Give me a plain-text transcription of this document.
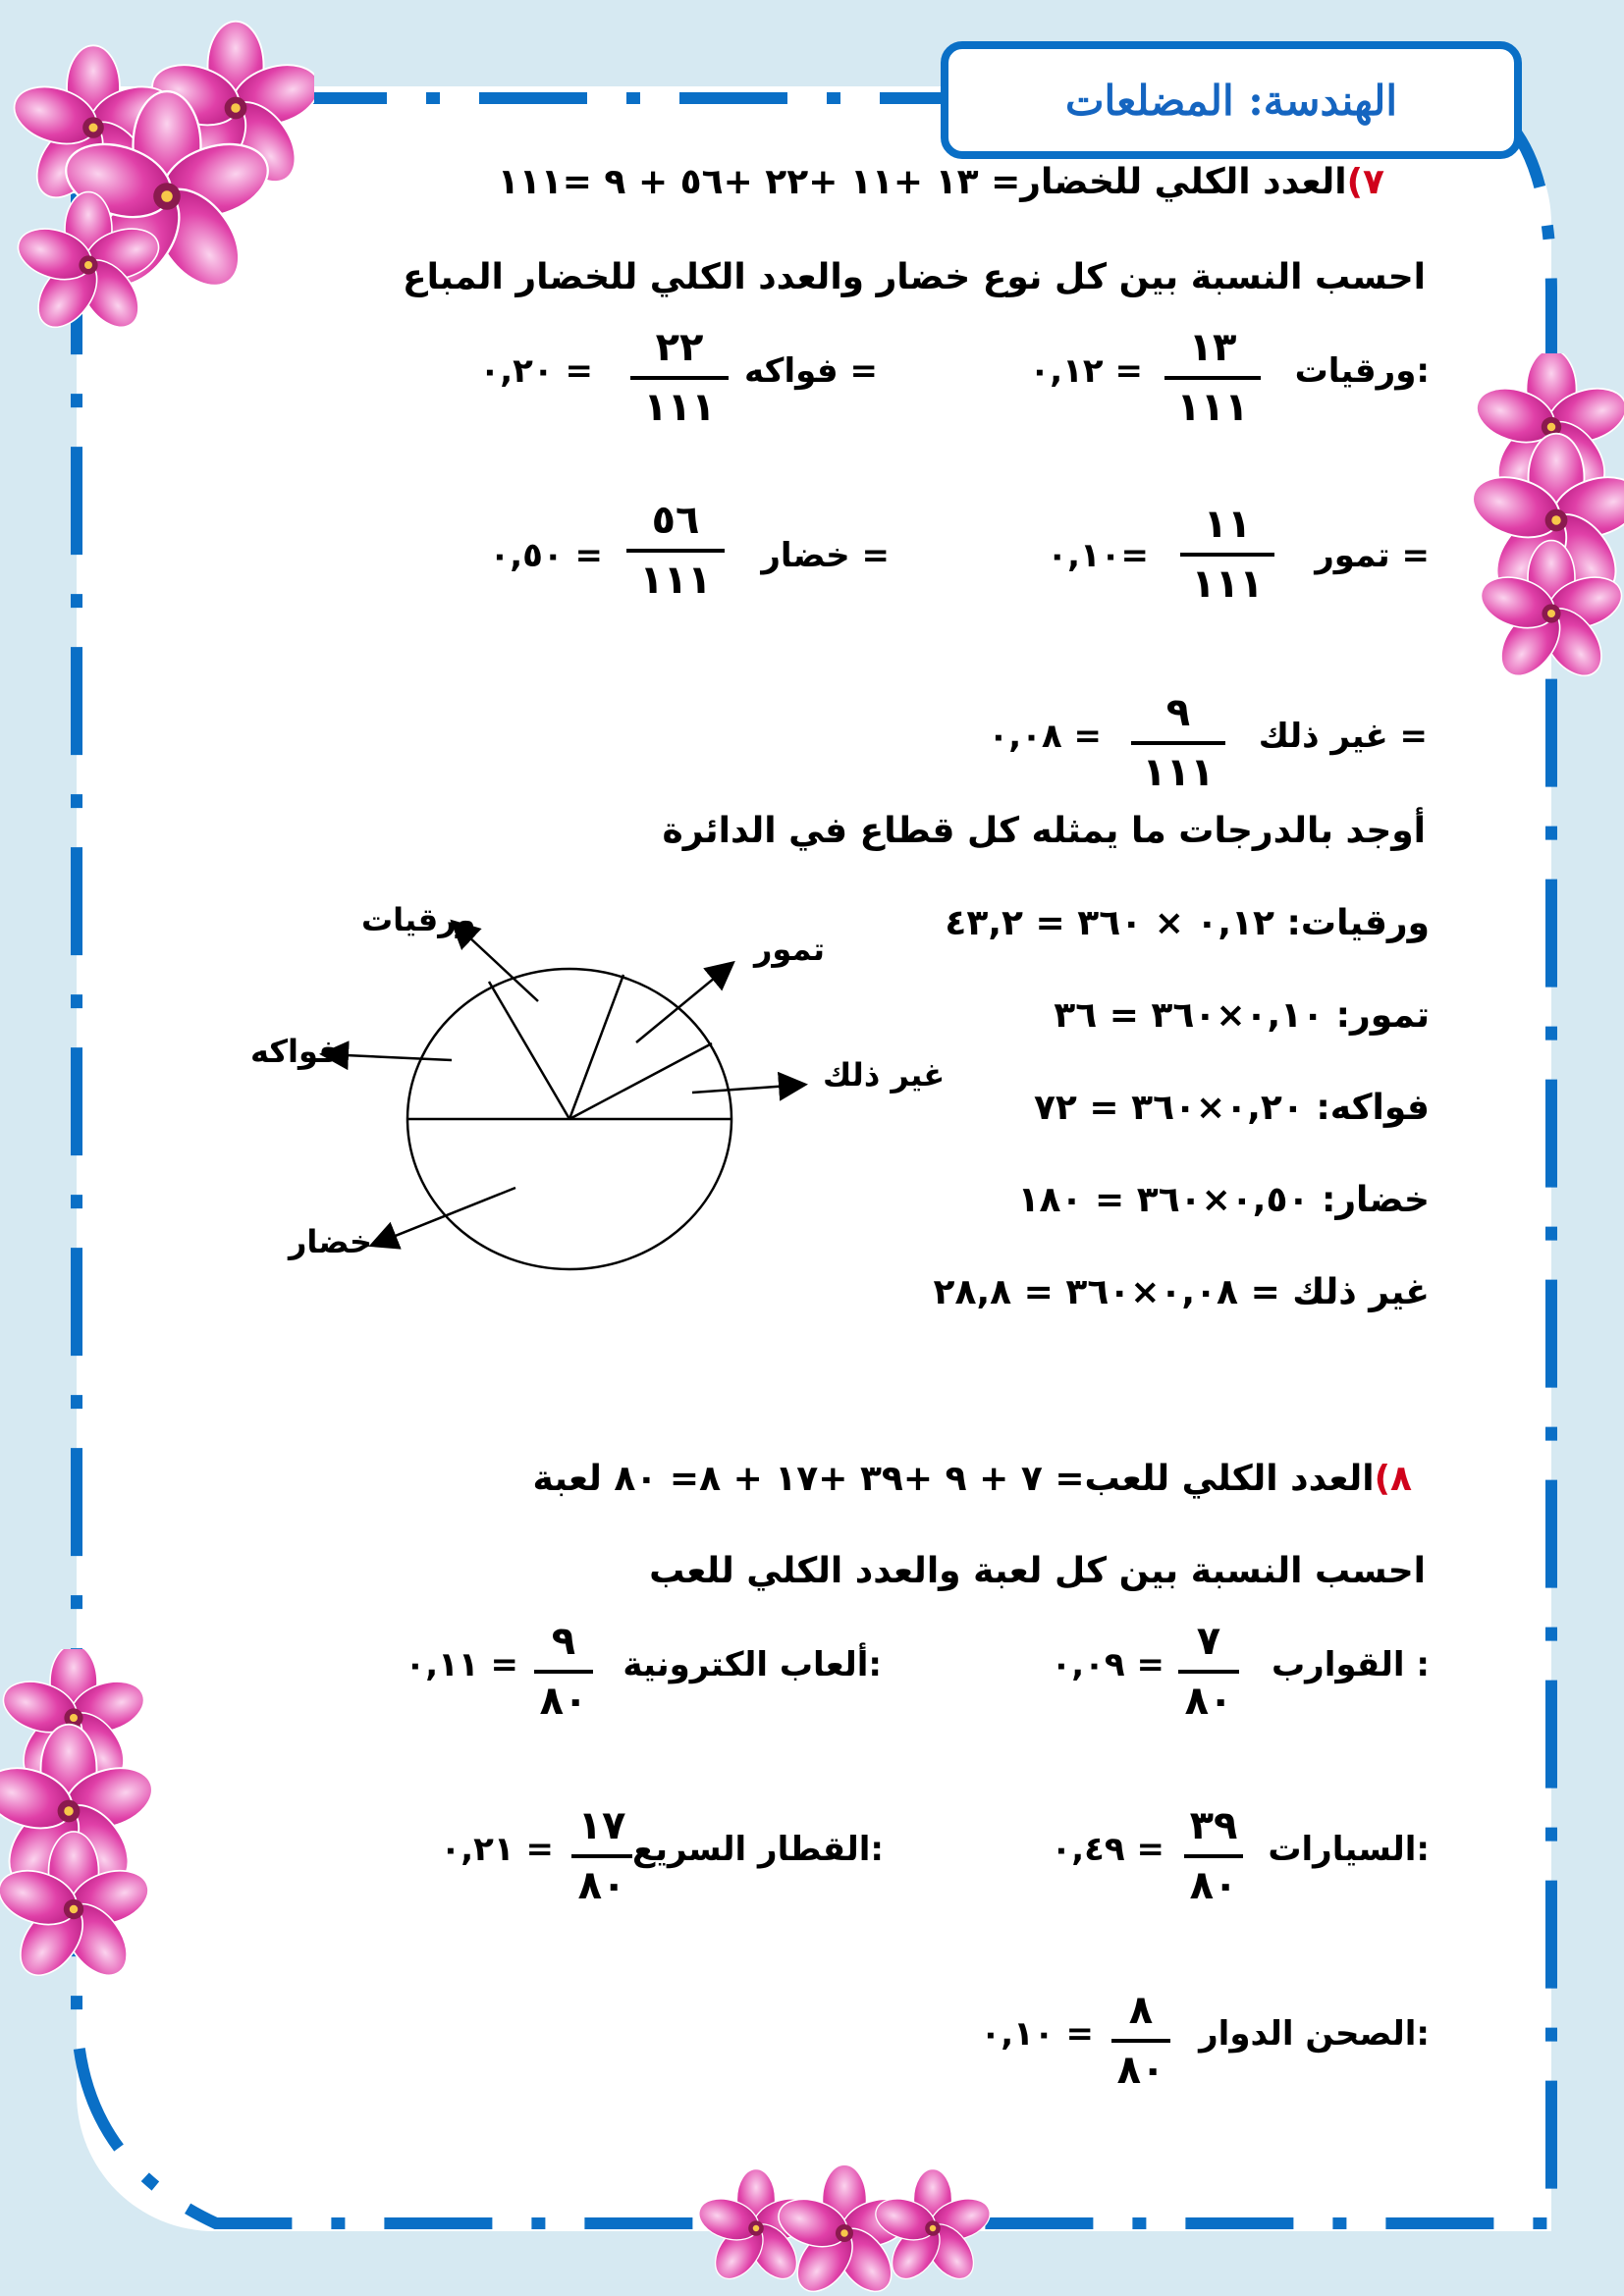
الهندسة: المضلعات
٧)العدد الكلي للخضار= ١٣ +١١ +٢٢ +٥٦ + ٩ =١١١
احسب النسبة بين كل نوع خضار والعدد الكلي للخضار المباع
ورقيات:
١٣
١١١
= ٠,١٢
فواكه =
٢٢
١١١
= ٠,٢٠
تمور =
١١
١١١
=٠,١٠
خضار =
٥٦
١١١
= ٠,٥٠
غير ذلك =
٩
١١١
= ٠,٠٨
أوجد بالدرجات ما يمثله كل قطاع في الدائرة
ورقيات: ٠,١٢ × ٣٦٠ = ٤٣,٢
تمور: ٠,١٠×٣٦٠ = ٣٦
فواكه: ٠,٢٠×٣٦٠ = ٧٢
خضار: ٠,٥٠×٣٦٠ = ١٨٠
غير ذلك = ٠,٠٨×٣٦٠ = ٢٨,٨
ورقيات
تمور
فواكه
غير ذلك
خضار
٨)العدد الكلي للعب= ٧ + ٩ +٣٩ +١٧ + ٨= ٨٠ لعبة
احسب النسبة بين كل لعبة والعدد الكلي للعب
القوارب :
٧
٨٠
= ٠,٠٩
ألعاب الكترونية:
٩
٨٠
= ٠,١١
السيارات:
٣٩
٨٠
= ٠,٤٩
القطار السريع:
١٧
٨٠
= ٠,٢١
الصحن الدوار:
٨
٨٠
= ٠,١٠
